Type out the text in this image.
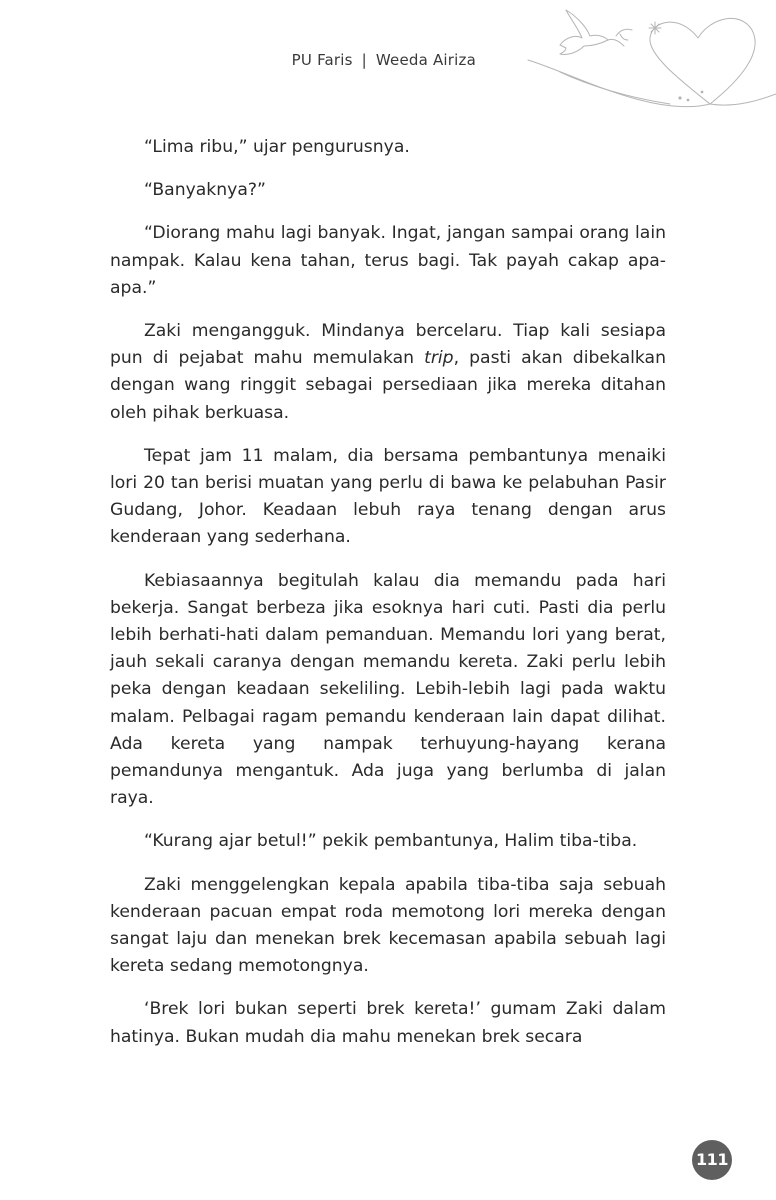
PU Faris | Weeda Airiza

“Lima ribu,” ujar pengurusnya.

“Banyaknya?”

“Diorang mahu lagi banyak. Ingat, jangan sampai orang lain nampak. Kalau kena tahan, terus bagi. Tak payah cakap apa-apa.”

Zaki mengangguk. Mindanya bercelaru. Tiap kali sesiapa pun di pejabat mahu memulakan trip, pasti akan dibekalkan dengan wang ringgit sebagai persediaan jika mereka ditahan oleh pihak berkuasa.

Tepat jam 11 malam, dia bersama pembantunya menaiki lori 20 tan berisi muatan yang perlu di bawa ke pelabuhan Pasir Gudang, Johor. Keadaan lebuh raya tenang dengan arus kenderaan yang sederhana.

Kebiasaannya begitulah kalau dia memandu pada hari bekerja. Sangat berbeza jika esoknya hari cuti. Pasti dia perlu lebih berhati-hati dalam pemanduan. Memandu lori yang berat, jauh sekali caranya dengan memandu kereta. Zaki perlu lebih peka dengan keadaan sekeliling. Lebih-lebih lagi pada waktu malam. Pelbagai ragam pemandu kenderaan lain dapat dilihat. Ada kereta yang nampak terhuyung-hayang kerana pemandunya mengantuk. Ada juga yang berlumba di jalan raya.

“Kurang ajar betul!” pekik pembantunya, Halim tiba-tiba.

Zaki menggelengkan kepala apabila tiba-tiba saja sebuah kenderaan pacuan empat roda memotong lori mereka dengan sangat laju dan menekan brek kecemasan apabila sebuah lagi kereta sedang memotongnya.

‘Brek lori bukan seperti brek kereta!’ gumam Zaki dalam hatinya. Bukan mudah dia mahu menekan brek secara

111
